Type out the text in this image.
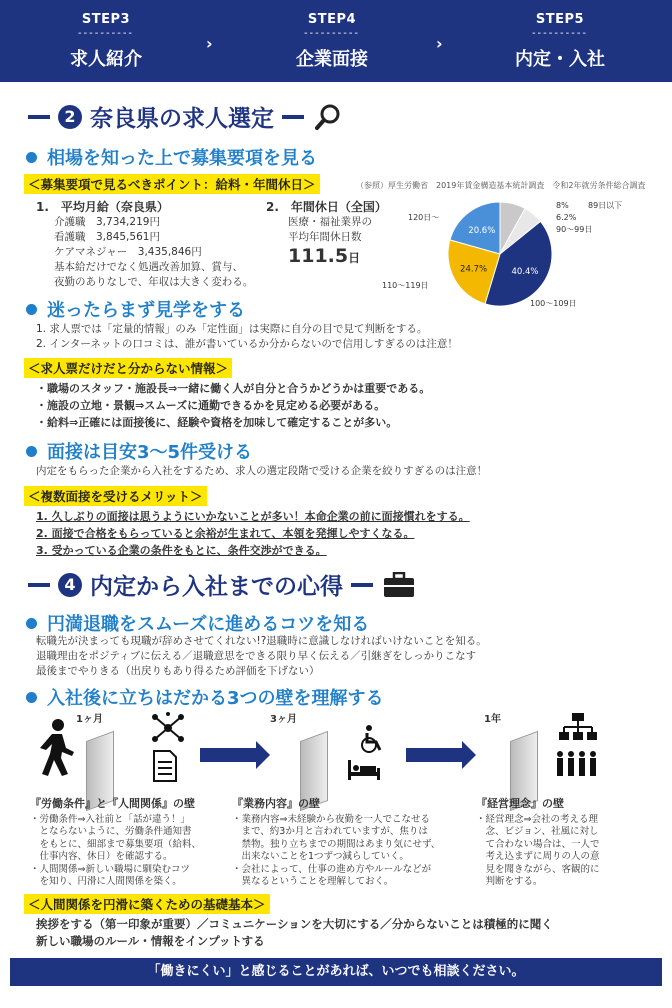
STEP3
----------
求人紹介
›
STEP4
----------
企業面接
›
STEP5
----------
内定・入社
2 奈良県の求人選定
相場を知った上で募集要項を見る
＜募集要項で見るべきポイント：給料・年間休日＞	（参照）厚生労働省　2019年賃金構造基本統計調査　令和2年就労条件総合調査
1.　平均月給（奈良県）
介護職　3,734,219円
看護職　3,845,561円
ケアマネジャー　3,435,846円
基本給だけでなく処遇改善加算、賞与、
夜勤のありなしで、年収は大きく変わる。
2.　年間休日（全国）
医療・福祉業界の
平均年間休日数
111.5日
8% 89日以下
6.2%
90〜99日
40.4%
100〜109日
24.7%
110〜119日
20.6%
120日〜
迷ったらまず見学をする
1. 求人票では「定量的情報」のみ「定性面」は実際に自分の目で見て判断をする。
2. インターネットの口コミは、誰が書いているか分からないので信用しすぎるのは注意！
＜求人票だけだと分からない情報＞
・職場のスタッフ・施設長⇒一緒に働く人が自分と合うかどうかは重要である。
・施設の立地・景観⇒スムーズに通勤できるかを見定める必要がある。
・給料⇒正確には面接後に、経験や資格を加味して確定することが多い。
面接は目安3〜5件受ける
内定をもらった企業から入社をするため、求人の選定段階で受ける企業を絞りすぎるのは注意！
＜複数面接を受けるメリット＞
1. 久しぶりの面接は思うようにいかないことが多い！本命企業の前に面接慣れをする。
2. 面接で合格をもらっていると余裕が生まれて、本領を発揮しやすくなる。
3. 受かっている企業の条件をもとに、条件交渉ができる。
4 内定から入社までの心得
円満退職をスムーズに進めるコツを知る
転職先が決まっても現職が辞めさせてくれない!?退職時に意識しなければいけないことを知る。
退職理由をポジティブに伝える／退職意思をできる限り早く伝える／引継ぎをしっかりこなす
最後までやりきる（出戻りもあり得るため評価を下げない）
入社後に立ちはだかる3つの壁を理解する
1ヶ月	3ヶ月	1年
『労働条件』と『人間関係』の壁
・労働条件⇒入社前と「話が違う！」
　とならないように、労働条件通知書
　をもとに、細部まで募集要項（給料、
　仕事内容、休日）を確認する。
・人間関係⇒新しい職場に馴染むコツ
　を知り、円滑に人間関係を築く。
『業務内容』の壁
・業務内容⇒未経験から夜勤を一人でこなせる
　まで、約3か月と言われていますが、焦りは
　禁物。独り立ちまでの期間はあまり気にせず、
　出来ないことを1つずつ減らしていく。
・会社によって、仕事の進め方やルールなどが
　異なるということを理解しておく。
『経営理念』の壁
・経営理念⇒会社の考える理
　念、ビジョン、社風に対し
　て合わない場合は、一人で
　考え込まずに周りの人の意
　見を聞きながら、客観的に
　判断をする。
＜人間関係を円滑に築くための基礎基本＞
挨拶をする（第一印象が重要）／コミュニケーションを大切にする／分からないことは積極的に聞く
新しい職場のルール・情報をインプットする
「働きにくい」と感じることがあれば、いつでも相談ください。
